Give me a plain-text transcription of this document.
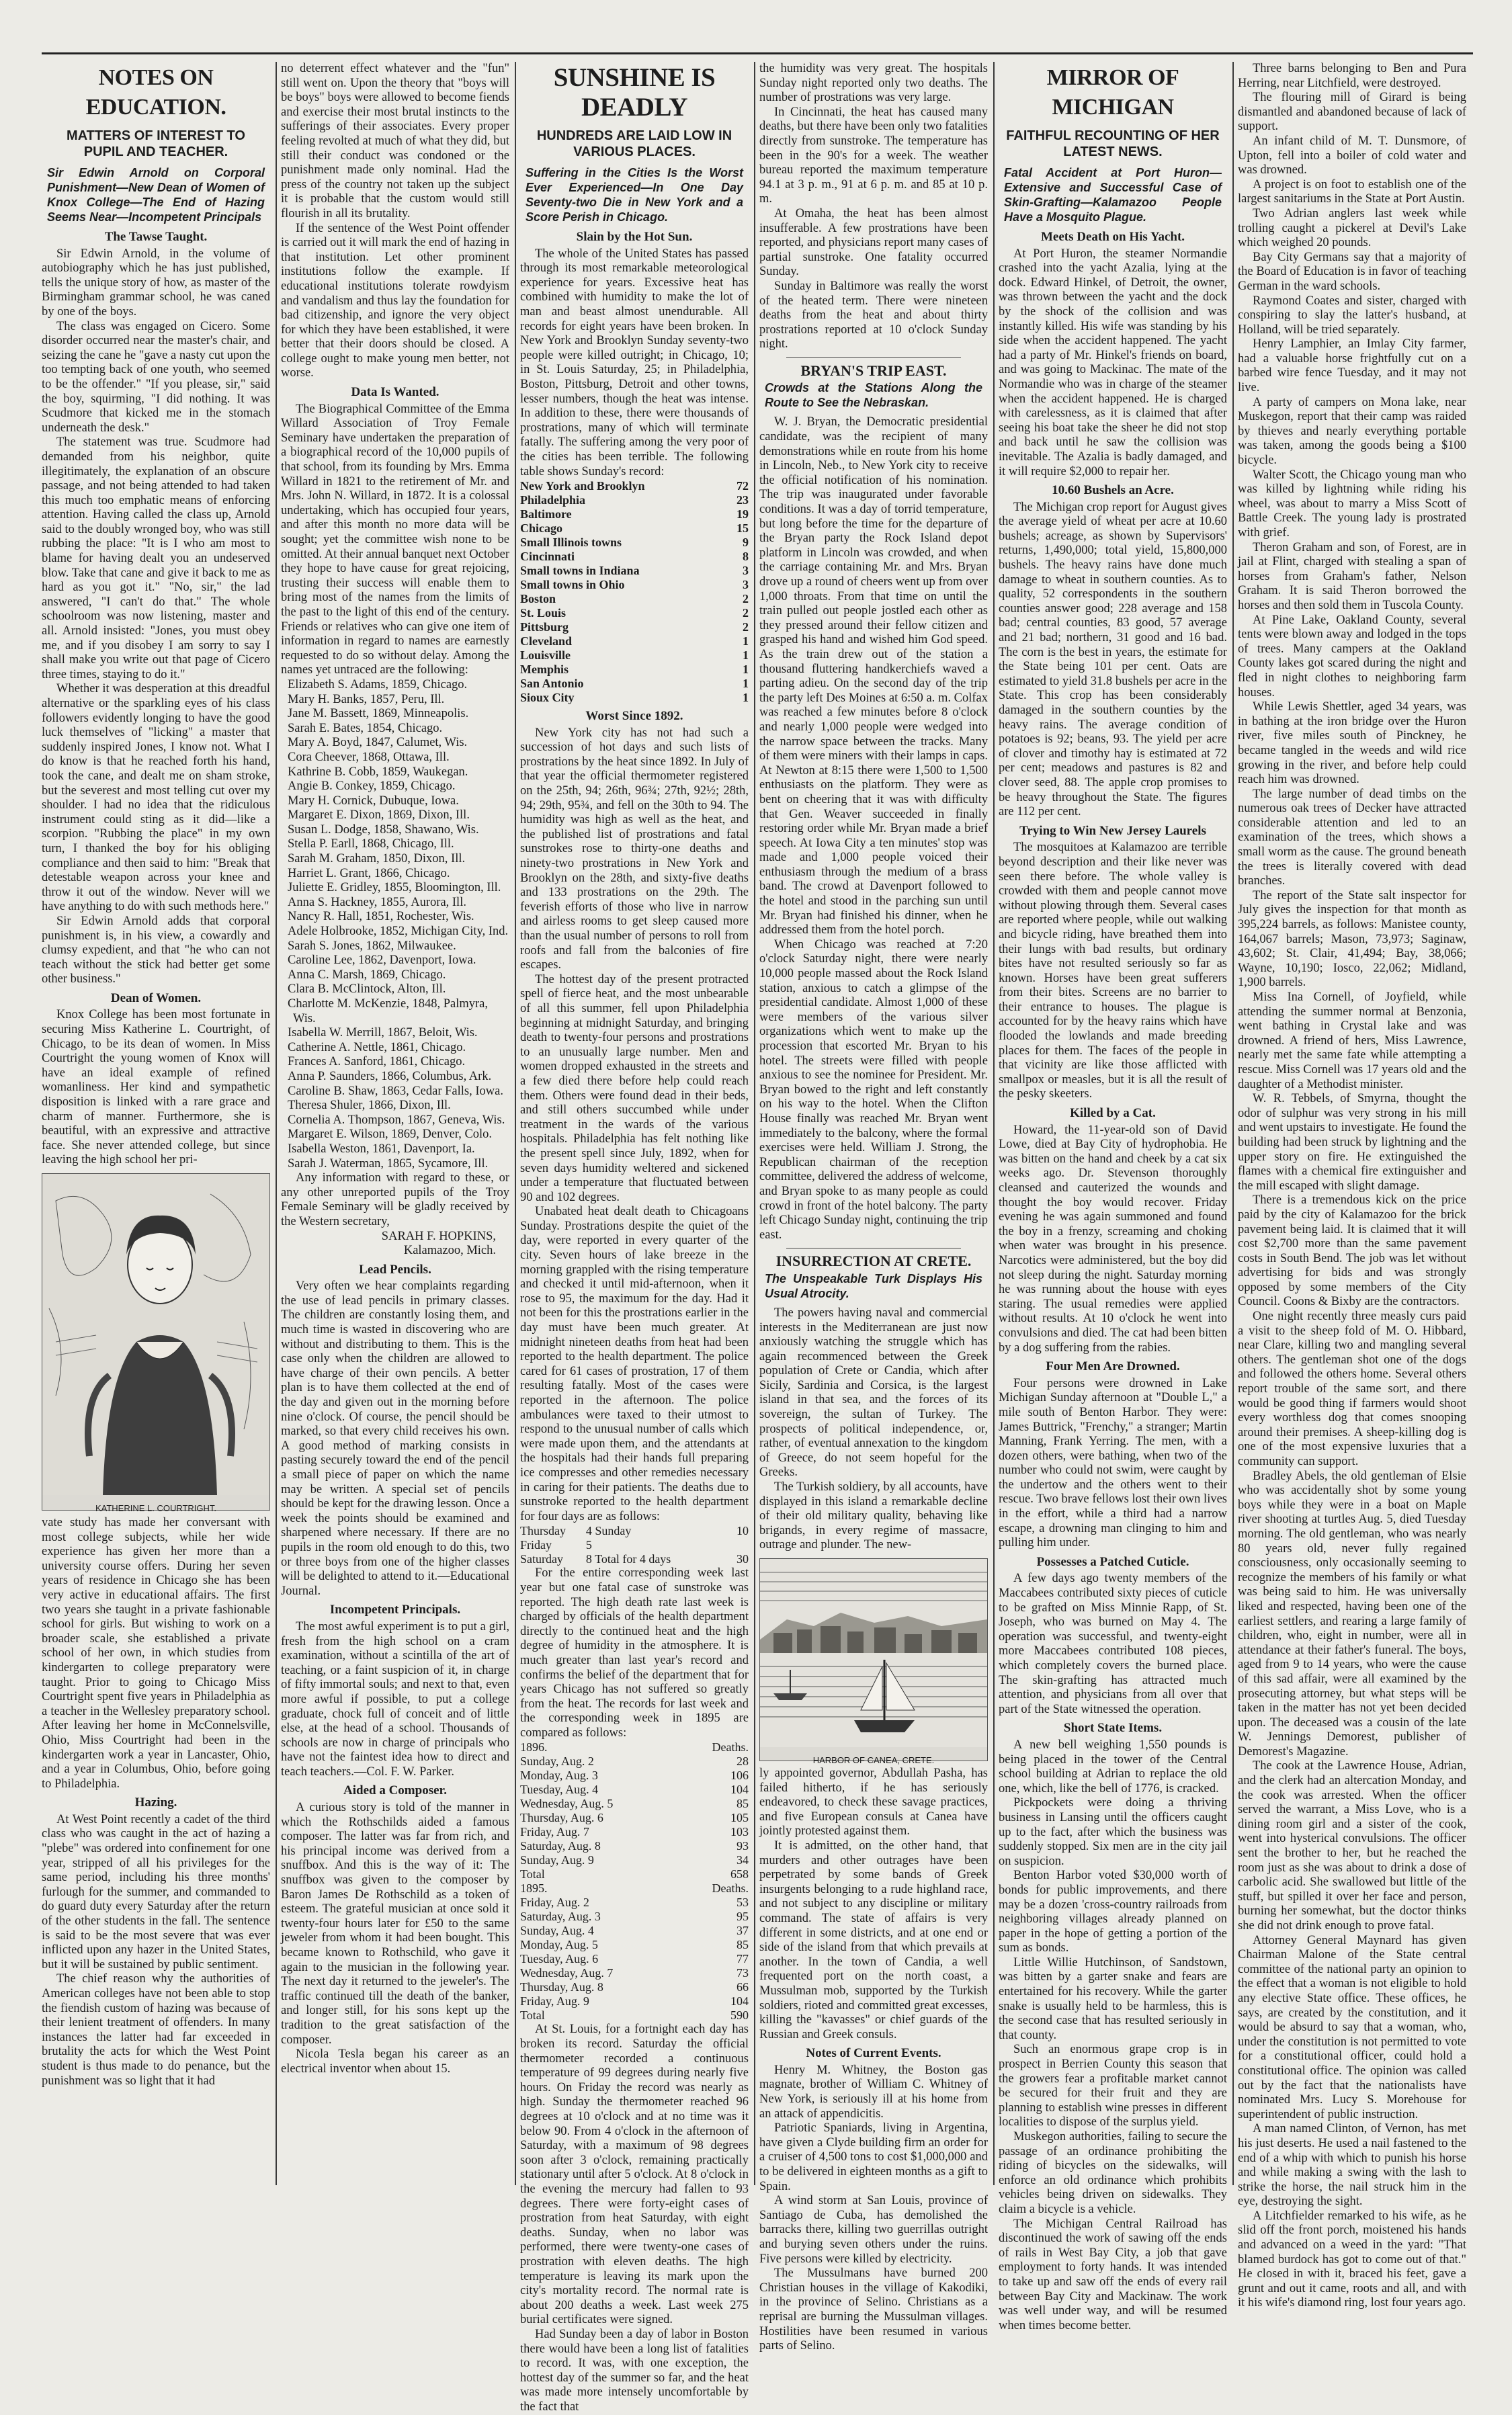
NOTES ON EDUCATION.
MATTERS OF INTEREST TO PUPIL AND TEACHER.
Sir Edwin Arnold on Corporal Punishment—New Dean of Women of Knox College—The End of Hazing Seems Near—Incompetent Principals
The Tawse Taught.

Sir Edwin Arnold, in the volume of autobiography which he has just published, tells the unique story of how, as master of the Birmingham grammar school, he was caned by one of the boys.

The class was engaged on Cicero. Some disorder occurred near the master's chair, and seizing the cane he "gave a nasty cut upon the too tempting back of one youth, who seemed to be the offender." "If you please, sir," said the boy, squirming, "I did nothing. It was Scudmore that kicked me in the stomach underneath the desk."

The statement was true. Scudmore had demanded from his neighbor, quite illegitimately, the explanation of an obscure passage, and not being attended to had taken this much too emphatic means of enforcing attention. Having called the class up, Arnold said to the doubly wronged boy, who was still rubbing the place: "It is I who am most to blame for having dealt you an undeserved blow. Take that cane and give it back to me as hard as you got it." "No, sir," the lad answered, "I can't do that." The whole schoolroom was now listening, master and all. Arnold insisted: "Jones, you must obey me, and if you disobey I am sorry to say I shall make you write out that page of Cicero three times, staying to do it."

Whether it was desperation at this dreadful alternative or the sparkling eyes of his class followers evidently longing to have the good luck themselves of "licking" a master that suddenly inspired Jones, I know not. What I do know is that he reached forth his hand, took the cane, and dealt me on sham stroke, but the severest and most telling cut over my shoulder. I had no idea that the ridiculous instrument could sting as it did—like a scorpion. "Rubbing the place" in my own turn, I thanked the boy for his obliging compliance and then said to him: "Break that detestable weapon across your knee and throw it out of the window. Never will we have anything to do with such methods here."

Sir Edwin Arnold adds that corporal punishment is, in his view, a cowardly and clumsy expedient, and that "he who can not teach without the stick had better get some other business."

Dean of Women.

Knox College has been most fortunate in securing Miss Katherine L. Courtright, of Chicago, to be its dean of women. In Miss Courtright the young women of Knox will have an ideal example of refined womanliness. Her kind and sympathetic disposition is linked with a rare grace and charm of manner. Furthermore, she is beautiful, with an expressive and attractive face. She never attended college, but since leaving the high school her pri-

KATHERINE L. COURTRIGHT.

vate study has made her conversant with most college subjects, while her wide experience has given her more than a university course offers. During her seven years of residence in Chicago she has been very active in educational affairs. The first two years she taught in a private fashionable school for girls. But wishing to work on a broader scale, she established a private school of her own, in which studies from kindergarten to college preparatory were taught. Prior to going to Chicago Miss Courtright spent five years in Philadelphia as a teacher in the Wellesley preparatory school. After leaving her home in McConnelsville, Ohio, Miss Courtright had been in the kindergarten work a year in Lancaster, Ohio, and a year in Columbus, Ohio, before going to Philadelphia.

Hazing.

At West Point recently a cadet of the third class who was caught in the act of hazing a "plebe" was ordered into confinement for one year, stripped of all his privileges for the same period, including his three months' furlough for the summer, and commanded to do guard duty every Saturday after the return of the other students in the fall. The sentence is said to be the most severe that was ever inflicted upon any hazer in the United States, but it will be sustained by public sentiment.

The chief reason why the authorities of American colleges have not been able to stop the fiendish custom of hazing was because of their lenient treatment of offenders. In many instances the latter had far exceeded in brutality the acts for which the West Point student is thus made to do penance, but the punishment was so light that it had

no deterrent effect whatever and the "fun" still went on. Upon the theory that "boys will be boys" boys were allowed to become fiends and exercise their most brutal instincts to the sufferings of their associates. Every proper feeling revolted at much of what they did, but still their conduct was condoned or the punishment made only nominal. Had the press of the country not taken up the subject it is probable that the custom would still flourish in all its brutality.

If the sentence of the West Point offender is carried out it will mark the end of hazing in that institution. Let other prominent institutions follow the example. If educational institutions tolerate rowdyism and vandalism and thus lay the foundation for bad citizenship, and ignore the very object for which they have been established, it were better that their doors should be closed. A college ought to make young men better, not worse.

Data Is Wanted.

The Biographical Committee of the Emma Willard Association of Troy Female Seminary have undertaken the preparation of a biographical record of the 10,000 pupils of that school, from its founding by Mrs. Emma Willard in 1821 to the retirement of Mr. and Mrs. John N. Willard, in 1872. It is a colossal undertaking, which has occupied four years, and after this month no more data will be sought; yet the committee wish none to be omitted. At their annual banquet next October they hope to have cause for great rejoicing, trusting their success will enable them to bring most of the names from the limits of the past to the light of this end of the century. Friends or relatives who can give one item of information in regard to names are earnestly requested to do so without delay. Among the names yet untraced are the following:

Elizabeth S. Adams, 1859, Chicago.
Mary H. Banks, 1857, Peru, Ill.
Jane M. Bassett, 1869, Minneapolis.
Sarah E. Bates, 1854, Chicago.
Mary A. Boyd, 1847, Calumet, Wis.
Cora Cheever, 1868, Ottawa, Ill.
Kathrine B. Cobb, 1859, Waukegan.
Angie B. Conkey, 1859, Chicago.
Mary H. Cornick, Dubuque, Iowa.
Margaret E. Dixon, 1869, Dixon, Ill.
Susan L. Dodge, 1858, Shawano, Wis.
Stella P. Earll, 1868, Chicago, Ill.
Sarah M. Graham, 1850, Dixon, Ill.
Harriet L. Grant, 1866, Chicago.
Juliette E. Gridley, 1855, Bloomington, Ill.
Anna S. Hackney, 1855, Aurora, Ill.
Nancy R. Hall, 1851, Rochester, Wis.
Adele Holbrooke, 1852, Michigan City, Ind.
Sarah S. Jones, 1862, Milwaukee.
Caroline Lee, 1862, Davenport, Iowa.
Anna C. Marsh, 1869, Chicago.
Clara B. McClintock, Alton, Ill.
Charlotte M. McKenzie, 1848, Palmyra, Wis.
Isabella W. Merrill, 1867, Beloit, Wis.
Catherine A. Nettle, 1861, Chicago.
Frances A. Sanford, 1861, Chicago.
Anna P. Saunders, 1866, Columbus, Ark.
Caroline B. Shaw, 1863, Cedar Falls, Iowa.
Theresa Shuler, 1866, Dixon, Ill.
Cornelia A. Thompson, 1867, Geneva, Wis.
Margaret E. Wilson, 1869, Denver, Colo.
Isabella Weston, 1861, Davenport, Ia.
Sarah J. Waterman, 1865, Sycamore, Ill.

Any information with regard to these, or any other unreported pupils of the Troy Female Seminary will be gladly received by the Western secretary,

SARAH F. HOPKINS,
Kalamazoo, Mich.
Lead Pencils.

Very often we hear complaints regarding the use of lead pencils in primary classes. The children are constantly losing them, and much time is wasted in discovering who are without and distributing to them. This is the case only when the children are allowed to have charge of their own pencils. A better plan is to have them collected at the end of the day and given out in the morning before nine o'clock. Of course, the pencil should be marked, so that every child receives his own. A good method of marking consists in pasting securely toward the end of the pencil a small piece of paper on which the name may be written. A special set of pencils should be kept for the drawing lesson. Once a week the points should be examined and sharpened where necessary. If there are no pupils in the room old enough to do this, two or three boys from one of the higher classes will be delighted to attend to it.—Educational Journal.

Incompetent Principals.

The most awful experiment is to put a girl, fresh from the high school on a cram examination, without a scintilla of the art of teaching, or a faint suspicion of it, in charge of fifty immortal souls; and next to that, even more awful if possible, to put a college graduate, chock full of conceit and of little else, at the head of a school. Thousands of schools are now in charge of principals who have not the faintest idea how to direct and teach teachers.—Col. F. W. Parker.

Aided a Composer.

A curious story is told of the manner in which the Rothschilds aided a famous composer. The latter was far from rich, and his principal income was derived from a snuffbox. And this is the way of it: The snuffbox was given to the composer by Baron James De Rothschild as a token of esteem. The grateful musician at once sold it twenty-four hours later for £50 to the same jeweler from whom it had been bought. This became known to Rothschild, who gave it again to the musician in the following year. The next day it returned to the jeweler's. The traffic continued till the death of the banker, and longer still, for his sons kept up the tradition to the great satisfaction of the composer.

Nicola Tesla began his career as an electrical inventor when about 15.

SUNSHINE IS DEADLY
HUNDREDS ARE LAID LOW IN VARIOUS PLACES.
Suffering in the Cities Is the Worst Ever Experienced—In One Day Seventy-two Die in New York and a Score Perish in Chicago.
Slain by the Hot Sun.

The whole of the United States has passed through its most remarkable meteorological experience for years. Excessive heat has combined with humidity to make the lot of man and beast almost unendurable. All records for eight years have been broken. In New York and Brooklyn Sunday seventy-two people were killed outright; in Chicago, 10; in St. Louis Saturday, 25; in Philadelphia, Boston, Pittsburg, Detroit and other towns, lesser numbers, though the heat was intense. In addition to these, there were thousands of prostrations, many of which will terminate fatally. The suffering among the very poor of the cities has been terrible. The following table shows Sunday's record:

New York and Brooklyn	72
Philadelphia	23
Baltimore	19
Chicago	15
Small Illinois towns	9
Cincinnati	8
Small towns in Indiana	3
Small towns in Ohio	3
Boston	2
St. Louis	2
Pittsburg	2
Cleveland	1
Louisville	1
Memphis	1
San Antonio	1
Sioux City	1
Worst Since 1892.

New York city has not had such a succession of hot days and such lists of prostrations by the heat since 1892. In July of that year the official thermometer registered on the 25th, 94; 26th, 96¾; 27th, 92½; 28th, 94; 29th, 95¾, and fell on the 30th to 94. The humidity was high as well as the heat, and the published list of prostrations and fatal sunstrokes rose to thirty-one deaths and ninety-two prostrations in New York and Brooklyn on the 28th, and sixty-five deaths and 133 prostrations on the 29th. The feverish efforts of those who live in narrow and airless rooms to get sleep caused more than the usual number of persons to roll from roofs and fall from the balconies of fire escapes.

The hottest day of the present protracted spell of fierce heat, and the most unbearable of all this summer, fell upon Philadelphia beginning at midnight Saturday, and bringing death to twenty-four persons and prostrations to an unusually large number. Men and women dropped exhausted in the streets and a few died there before help could reach them. Others were found dead in their beds, and still others succumbed while under treatment in the wards of the various hospitals. Philadelphia has felt nothing like the present spell since July, 1892, when for seven days humidity weltered and sickened under a temperature that fluctuated between 90 and 102 degrees.

Unabated heat dealt death to Chicagoans Sunday. Prostrations despite the quiet of the day, were reported in every quarter of the city. Seven hours of lake breeze in the morning grappled with the rising temperature and checked it until mid-afternoon, when it rose to 95, the maximum for the day. Had it not been for this the prostrations earlier in the day must have been much greater. At midnight nineteen deaths from heat had been reported to the health department. The police cared for 61 cases of prostration, 17 of them resulting fatally. Most of the cases were reported in the afternoon. The police ambulances were taxed to their utmost to respond to the unusual number of calls which were made upon them, and the attendants at the hospitals had their hands full preparing ice compresses and other remedies necessary in caring for their patients. The deaths due to sunstroke reported to the health department for four days are as follows:

Thursday	4 Sunday	10
Friday	5	
Saturday	8 Total for 4 days	30

For the entire corresponding week last year but one fatal case of sunstroke was reported. The high death rate last week is charged by officials of the health department directly to the continued heat and the high degree of humidity in the atmosphere. It is much greater than last year's record and confirms the belief of the department that for years Chicago has not suffered so greatly from the heat. The records for last week and the corresponding week in 1895 are compared as follows:

1896.	Deaths.
Sunday, Aug. 2	28
Monday, Aug. 3	106
Tuesday, Aug. 4	104
Wednesday, Aug. 5	85
Thursday, Aug. 6	105
Friday, Aug. 7	103
Saturday, Aug. 8	93
Sunday, Aug. 9	34
Total	658
1895.	Deaths.
Friday, Aug. 2	53
Saturday, Aug. 3	95
Sunday, Aug. 4	37
Monday, Aug. 5	85
Tuesday, Aug. 6	77
Wednesday, Aug. 7	73
Thursday, Aug. 8	66
Friday, Aug. 9	104
Total	590

At St. Louis, for a fortnight each day has broken its record. Saturday the official thermometer recorded a continuous temperature of 99 degrees during nearly five hours. On Friday the record was nearly as high. Sunday the thermometer reached 96 degrees at 10 o'clock and at no time was it below 90. From 4 o'clock in the afternoon of Saturday, with a maximum of 98 degrees soon after 3 o'clock, remaining practically stationary until after 5 o'clock. At 8 o'clock in the evening the mercury had fallen to 93 degrees. There were forty-eight cases of prostration from heat Saturday, with eight deaths. Sunday, when no labor was performed, there were twenty-one cases of prostration with eleven deaths. The high temperature is leaving its mark upon the city's mortality record. The normal rate is about 200 deaths a week. Last week 275 burial certificates were signed.

Had Sunday been a day of labor in Boston there would have been a long list of fatalities to record. It was, with one exception, the hottest day of the summer so far, and the heat was made more intensely uncomfortable by the fact that

the humidity was very great. The hospitals Sunday night reported only two deaths. The number of prostrations was very large.

In Cincinnati, the heat has caused many deaths, but there have been only two fatalities directly from sunstroke. The temperature has been in the 90's for a week. The weather bureau reported the maximum temperature 94.1 at 3 p. m., 91 at 6 p. m. and 85 at 10 p. m.

At Omaha, the heat has been almost insufferable. A few prostrations have been reported, and physicians report many cases of partial sunstroke. One fatality occurred Sunday.

Sunday in Baltimore was really the worst of the heated term. There were nineteen deaths from the heat and about thirty prostrations reported at 10 o'clock Sunday night.

BRYAN'S TRIP EAST.
Crowds at the Stations Along the Route to See the Nebraskan.

W. J. Bryan, the Democratic presidential candidate, was the recipient of many demonstrations while en route from his home in Lincoln, Neb., to New York city to receive the official notification of his nomination. The trip was inaugurated under favorable conditions. It was a day of torrid temperature, but long before the time for the departure of the Bryan party the Rock Island depot platform in Lincoln was crowded, and when the carriage containing Mr. and Mrs. Bryan drove up a round of cheers went up from over 1,000 throats. From that time on until the train pulled out people jostled each other as they pressed around their fellow citizen and grasped his hand and wished him God speed. As the train drew out of the station a thousand fluttering handkerchiefs waved a parting adieu. On the second day of the trip the party left Des Moines at 6:50 a. m. Colfax was reached a few minutes before 8 o'clock and nearly 1,000 people were wedged into the narrow space between the tracks. Many of them were miners with their lamps in caps. At Newton at 8:15 there were 1,500 to 1,500 enthusiasts on the platform. They were as bent on cheering that it was with difficulty that Gen. Weaver succeeded in finally restoring order while Mr. Bryan made a brief speech. At Iowa City a ten minutes' stop was made and 1,000 people voiced their enthusiasm through the medium of a brass band. The crowd at Davenport followed to the hotel and stood in the parching sun until Mr. Bryan had finished his dinner, when he addressed them from the hotel porch.

When Chicago was reached at 7:20 o'clock Saturday night, there were nearly 10,000 people massed about the Rock Island station, anxious to catch a glimpse of the presidential candidate. Almost 1,000 of these were members of the various silver organizations which went to make up the procession that escorted Mr. Bryan to his hotel. The streets were filled with people anxious to see the nominee for President. Mr. Bryan bowed to the right and left constantly on his way to the hotel. When the Clifton House finally was reached Mr. Bryan went immediately to the balcony, where the formal exercises were held. William J. Strong, the Republican chairman of the reception committee, delivered the address of welcome, and Bryan spoke to as many people as could crowd in front of the hotel balcony. The party left Chicago Sunday night, continuing the trip east.

INSURRECTION AT CRETE.
The Unspeakable Turk Displays His Usual Atrocity.

The powers having naval and commercial interests in the Mediterranean are just now anxiously watching the struggle which has again recommenced between the Greek population of Crete or Candia, which after Sicily, Sardinia and Corsica, is the largest island in that sea, and the forces of its sovereign, the sultan of Turkey. The prospects of political independence, or, rather, of eventual annexation to the kingdom of Greece, do not seem hopeful for the Greeks.

The Turkish soldiery, by all accounts, have displayed in this island a remarkable decline of their old military quality, behaving like brigands, in every regime of massacre, outrage and plunder. The new-

HARBOR OF CANEA, CRETE.

ly appointed governor, Abdullah Pasha, has failed hitherto, if he has seriously endeavored, to check these savage practices, and five European consuls at Canea have jointly protested against them.

It is admitted, on the other hand, that murders and other outrages have been perpetrated by some bands of Greek insurgents belonging to a rude highland race, and not subject to any discipline or military command. The state of affairs is very different in some districts, and at one end or side of the island from that which prevails at another. In the town of Candia, a well frequented port on the north coast, a Mussulman mob, supported by the Turkish soldiers, rioted and committed great excesses, killing the "kavasses" or chief guards of the Russian and Greek consuls.

Notes of Current Events.

Henry M. Whitney, the Boston gas magnate, brother of William C. Whitney of New York, is seriously ill at his home from an attack of appendicitis.

Patriotic Spaniards, living in Argentina, have given a Clyde building firm an order for a cruiser of 4,500 tons to cost $1,000,000 and to be delivered in eighteen months as a gift to Spain.

A wind storm at San Louis, province of Santiago de Cuba, has demolished the barracks there, killing two guerrillas outright and burying seven others under the ruins. Five persons were killed by electricity.

The Mussulmans have burned 200 Christian houses in the village of Kakodiki, in the province of Selino. Christians as a reprisal are burning the Mussulman villages. Hostilities have been resumed in various parts of Selino.

MIRROR OF MICHIGAN
FAITHFUL RECOUNTING OF HER LATEST NEWS.
Fatal Accident at Port Huron—Extensive and Successful Case of Skin-Grafting—Kalamazoo People Have a Mosquito Plague.
Meets Death on His Yacht.

At Port Huron, the steamer Normandie crashed into the yacht Azalia, lying at the dock. Edward Hinkel, of Detroit, the owner, was thrown between the yacht and the dock by the shock of the collision and was instantly killed. His wife was standing by his side when the accident happened. The yacht had a party of Mr. Hinkel's friends on board, and was going to Mackinac. The mate of the Normandie who was in charge of the steamer when the accident happened. He is charged with carelessness, as it is claimed that after seeing his boat take the sheer he did not stop and back until he saw the collision was inevitable. The Azalia is badly damaged, and it will require $2,000 to repair her.

10.60 Bushels an Acre.

The Michigan crop report for August gives the average yield of wheat per acre at 10.60 bushels; acreage, as shown by Supervisors' returns, 1,490,000; total yield, 15,800,000 bushels. The heavy rains have done much damage to wheat in southern counties. As to quality, 52 correspondents in the southern counties answer good; 228 average and 158 bad; central counties, 83 good, 57 average and 21 bad; northern, 31 good and 16 bad. The corn is the best in years, the estimate for the State being 101 per cent. Oats are estimated to yield 31.8 bushels per acre in the State. This crop has been considerably damaged in the southern counties by the heavy rains. The average condition of potatoes is 92; beans, 93. The yield per acre of clover and timothy hay is estimated at 72 per cent; meadows and pastures is 82 and clover seed, 88. The apple crop promises to be heavy throughout the State. The figures are 112 per cent.

Trying to Win New Jersey Laurels

The mosquitoes at Kalamazoo are terrible beyond description and their like never was seen there before. The whole valley is crowded with them and people cannot move without plowing through them. Several cases are reported where people, while out walking and bicycle riding, have breathed them into their lungs with bad results, but ordinary bites have not resulted seriously so far as known. Horses have been great sufferers from their bites. Screens are no barrier to their entrance to houses. The plague is accounted for by the heavy rains which have flooded the lowlands and made breeding places for them. The faces of the people in that vicinity are like those afflicted with smallpox or measles, but it is all the result of the pesky skeeters.

Killed by a Cat.

Howard, the 11-year-old son of David Lowe, died at Bay City of hydrophobia. He was bitten on the hand and cheek by a cat six weeks ago. Dr. Stevenson thoroughly cleansed and cauterized the wounds and thought the boy would recover. Friday evening he was again summoned and found the boy in a frenzy, screaming and choking when water was brought in his presence. Narcotics were administered, but the boy did not sleep during the night. Saturday morning he was running about the house with eyes staring. The usual remedies were applied without results. At 10 o'clock he went into convulsions and died. The cat had been bitten by a dog suffering from the rabies.

Four Men Are Drowned.

Four persons were drowned in Lake Michigan Sunday afternoon at "Double L," a mile south of Benton Harbor. They were: James Buttrick, "Frenchy," a stranger; Martin Manning, Frank Yerring. The men, with a dozen others, were bathing, when two of the number who could not swim, were caught by the undertow and the others went to their rescue. Two brave fellows lost their own lives in the effort, while a third had a narrow escape, a drowning man clinging to him and pulling him under.

Possesses a Patched Cuticle.

A few days ago twenty members of the Maccabees contributed sixty pieces of cuticle to be grafted on Miss Minnie Rapp, of St. Joseph, who was burned on May 4. The operation was successful, and twenty-eight more Maccabees contributed 108 pieces, which completely covers the burned place. The skin-grafting has attracted much attention, and physicians from all over that part of the State witnessed the operation.

Short State Items.

A new bell weighing 1,550 pounds is being placed in the tower of the Central school building at Adrian to replace the old one, which, like the bell of 1776, is cracked.

Pickpockets were doing a thriving business in Lansing until the officers caught up to the fact, after which the business was suddenly stopped. Six men are in the city jail on suspicion.

Benton Harbor voted $30,000 worth of bonds for public improvements, and there may be a dozen 'cross-country railroads from neighboring villages already planned on paper in the hope of getting a portion of the sum as bonds.

Little Willie Hutchinson, of Sandstown, was bitten by a garter snake and fears are entertained for his recovery. While the garter snake is usually held to be harmless, this is the second case that has resulted seriously in that county.

Such an enormous grape crop is in prospect in Berrien County this season that the growers fear a profitable market cannot be secured for their fruit and they are planning to establish wine presses in different localities to dispose of the surplus yield.

Muskegon authorities, failing to secure the passage of an ordinance prohibiting the riding of bicycles on the sidewalks, will enforce an old ordinance which prohibits vehicles being driven on sidewalks. They claim a bicycle is a vehicle.

The Michigan Central Railroad has discontinued the work of sawing off the ends of rails in West Bay City, a job that gave employment to forty hands. It was intended to take up and saw off the ends of every rail between Bay City and Mackinaw. The work was well under way, and will be resumed when times become better.

Three barns belonging to Ben and Pura Herring, near Litchfield, were destroyed.

The flouring mill of Girard is being dismantled and abandoned because of lack of support.

An infant child of M. T. Dunsmore, of Upton, fell into a boiler of cold water and was drowned.

A project is on foot to establish one of the largest sanitariums in the State at Port Austin.

Two Adrian anglers last week while trolling caught a pickerel at Devil's Lake which weighed 20 pounds.

Bay City Germans say that a majority of the Board of Education is in favor of teaching German in the ward schools.

Raymond Coates and sister, charged with conspiring to slay the latter's husband, at Holland, will be tried separately.

Henry Lamphier, an Imlay City farmer, had a valuable horse frightfully cut on a barbed wire fence Tuesday, and it may not live.

A party of campers on Mona lake, near Muskegon, report that their camp was raided by thieves and nearly everything portable was taken, among the goods being a $100 bicycle.

Walter Scott, the Chicago young man who was killed by lightning while riding his wheel, was about to marry a Miss Scott of Battle Creek. The young lady is prostrated with grief.

Theron Graham and son, of Forest, are in jail at Flint, charged with stealing a span of horses from Graham's father, Nelson Graham. It is said Theron borrowed the horses and then sold them in Tuscola County.

At Pine Lake, Oakland County, several tents were blown away and lodged in the tops of trees. Many campers at the Oakland County lakes got scared during the night and fled in night clothes to neighboring farm houses.

While Lewis Shettler, aged 34 years, was in bathing at the iron bridge over the Huron river, five miles south of Pinckney, he became tangled in the weeds and wild rice growing in the river, and before help could reach him was drowned.

The large number of dead timbs on the numerous oak trees of Decker have attracted considerable attention and led to an examination of the trees, which shows a small worm as the cause. The ground beneath the trees is literally covered with dead branches.

The report of the State salt inspector for July gives the inspection for that month as 395,224 barrels, as follows: Manistee county, 164,067 barrels; Mason, 73,973; Saginaw, 43,602; St. Clair, 41,494; Bay, 38,066; Wayne, 10,190; Iosco, 22,062; Midland, 1,900 barrels.

Miss Ina Cornell, of Joyfield, while attending the summer normal at Benzonia, went bathing in Crystal lake and was drowned. A friend of hers, Miss Lawrence, nearly met the same fate while attempting a rescue. Miss Cornell was 17 years old and the daughter of a Methodist minister.

W. R. Tebbels, of Smyrna, thought the odor of sulphur was very strong in his mill and went upstairs to investigate. He found the building had been struck by lightning and the upper story on fire. He extinguished the flames with a chemical fire extinguisher and the mill escaped with slight damage.

There is a tremendous kick on the price paid by the city of Kalamazoo for the brick pavement being laid. It is claimed that it will cost $2,700 more than the same pavement costs in South Bend. The job was let without advertising for bids and was strongly opposed by some members of the City Council. Coons & Bixby are the contractors.

One night recently three measly curs paid a visit to the sheep fold of M. O. Hibbard, near Clare, killing two and mangling several others. The gentleman shot one of the dogs and followed the others home. Several others report trouble of the same sort, and there would be good thing if farmers would shoot every worthless dog that comes snooping around their premises. A sheep-killing dog is one of the most expensive luxuries that a community can support.

Bradley Abels, the old gentleman of Elsie who was accidentally shot by some young boys while they were in a boat on Maple river shooting at turtles Aug. 5, died Tuesday morning. The old gentleman, who was nearly 80 years old, never fully regained consciousness, only occasionally seeming to recognize the members of his family or what was being said to him. He was universally liked and respected, having been one of the earliest settlers, and rearing a large family of children, who, eight in number, were all in attendance at their father's funeral. The boys, aged from 9 to 14 years, who were the cause of this sad affair, were all examined by the prosecuting attorney, but what steps will be taken in the matter has not yet been decided upon. The deceased was a cousin of the late W. Jennings Demorest, publisher of Demorest's Magazine.

The cook at the Lawrence House, Adrian, and the clerk had an altercation Monday, and the cook was arrested. When the officer served the warrant, a Miss Love, who is a dining room girl and a sister of the cook, went into hysterical convulsions. The officer sent the brother to her, but he reached the room just as she was about to drink a dose of carbolic acid. She swallowed but little of the stuff, but spilled it over her face and person, burning her somewhat, but the doctor thinks she did not drink enough to prove fatal.

Attorney General Maynard has given Chairman Malone of the State central committee of the national party an opinion to the effect that a woman is not eligible to hold any elective State office. These offices, he says, are created by the constitution, and it would be absurd to say that a woman, who, under the constitution is not permitted to vote for a constitutional officer, could hold a constitutional office. The opinion was called out by the fact that the nationalists have nominated Mrs. Lucy S. Morehouse for superintendent of public instruction.

A man named Clinton, of Vernon, has met his just deserts. He used a nail fastened to the end of a whip with which to punish his horse and while making a swing with the lash to strike the horse, the nail struck him in the eye, destroying the sight.

A Litchfielder remarked to his wife, as he slid off the front porch, moistened his hands and advanced on a weed in the yard: "That blamed burdock has got to come out of that." He closed in with it, braced his feet, gave a grunt and out it came, roots and all, and with it his wife's diamond ring, lost four years ago.
